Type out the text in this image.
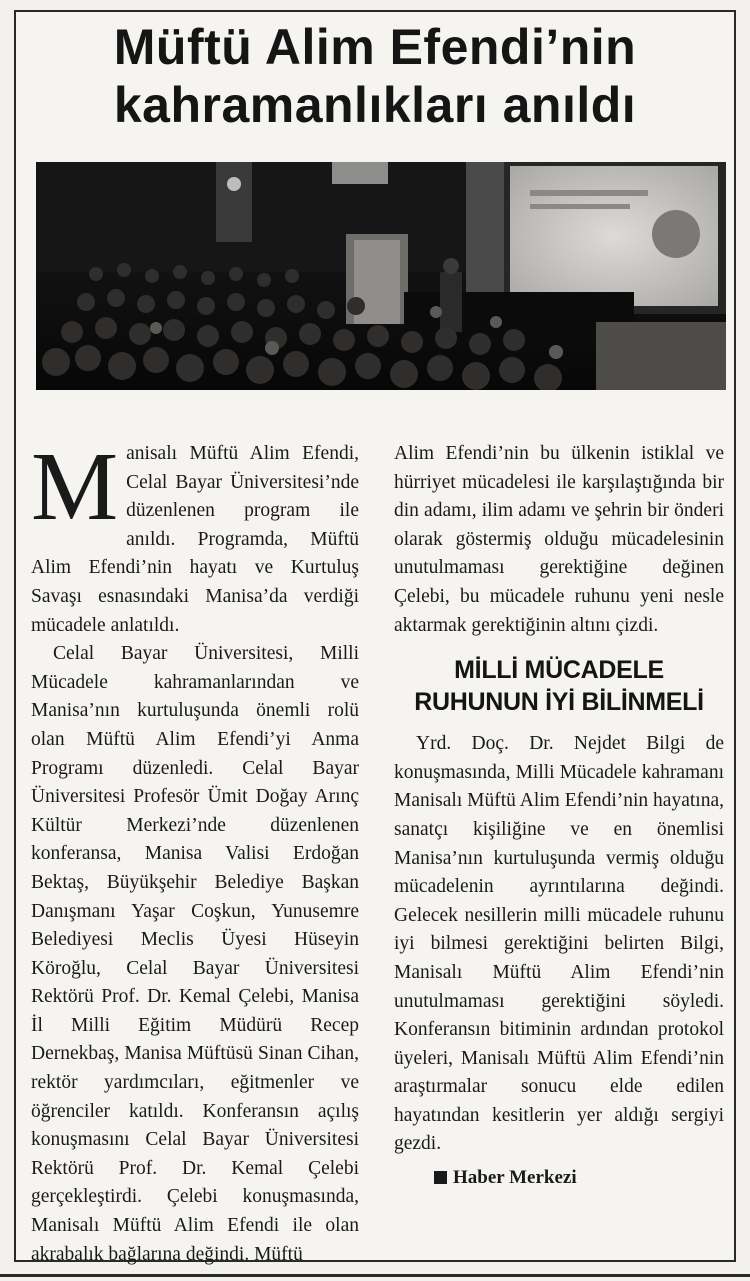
Müftü Alim Efendi’nin
kahramanlıkları anıldı

Manisalı Müftü Alim Efendi, Celal Bayar Üniversitesi’nde düzenlenen program ile anıldı. Programda, Müftü Alim Efendi’nin hayatı ve Kurtuluş Savaşı esnasındaki Manisa’da verdiği mücadele anlatıldı.

Celal Bayar Üniversitesi, Milli Mücadele kahramanlarından ve Manisa’nın kurtuluşunda önemli rolü olan Müftü Alim Efendi’yi Anma Programı düzenledi. Celal Bayar Üniversitesi Profesör Ümit Doğay Arınç Kültür Merkezi’nde düzenlenen konferansa, Manisa Valisi Erdoğan Bektaş, Büyükşehir Belediye Başkan Danışmanı Yaşar Coşkun, Yunusemre Belediyesi Meclis Üyesi Hüseyin Köroğlu, Celal Bayar Üniversitesi Rektörü Prof. Dr. Kemal Çelebi, Manisa İl Milli Eğitim Müdürü Recep Dernekbaş, Manisa Müftüsü Sinan Cihan, rektör yardımcıları, eğitmenler ve öğrenciler katıldı. Konferansın açılış konuşmasını Celal Bayar Üniversitesi Rektörü Prof. Dr. Kemal Çelebi gerçekleştirdi. Çelebi konuşmasında, Manisalı Müftü Alim Efendi ile olan akrabalık bağlarına değindi. Müftü

Alim Efendi’nin bu ülkenin istiklal ve hürriyet mücadelesi ile karşılaştığında bir din adamı, ilim adamı ve şehrin bir önderi olarak göstermiş olduğu mücadelesinin unutulmaması gerektiğine değinen Çelebi, bu mücadele ruhunu yeni nesle aktarmak gerektiğinin altını çizdi.

MİLLİ MÜCADELE
RUHUNUN İYİ BİLİNMELİ

Yrd. Doç. Dr. Nejdet Bilgi de konuşmasında, Milli Mücadele kahramanı Manisalı Müftü Alim Efendi’nin hayatına, sanatçı kişiliğine ve en önemlisi Manisa’nın kurtuluşunda vermiş olduğu mücadelenin ayrıntılarına değindi. Gelecek nesillerin milli mücadele ruhunu iyi bilmesi gerektiğini belirten Bilgi, Manisalı Müftü Alim Efendi’nin unutulmaması gerektiğini söyledi. Konferansın bitiminin ardından protokol üyeleri, Manisalı Müftü Alim Efendi’nin araştırmalar sonucu elde edilen hayatından kesitlerin yer aldığı sergiyi gezdi.

Haber Merkezi
